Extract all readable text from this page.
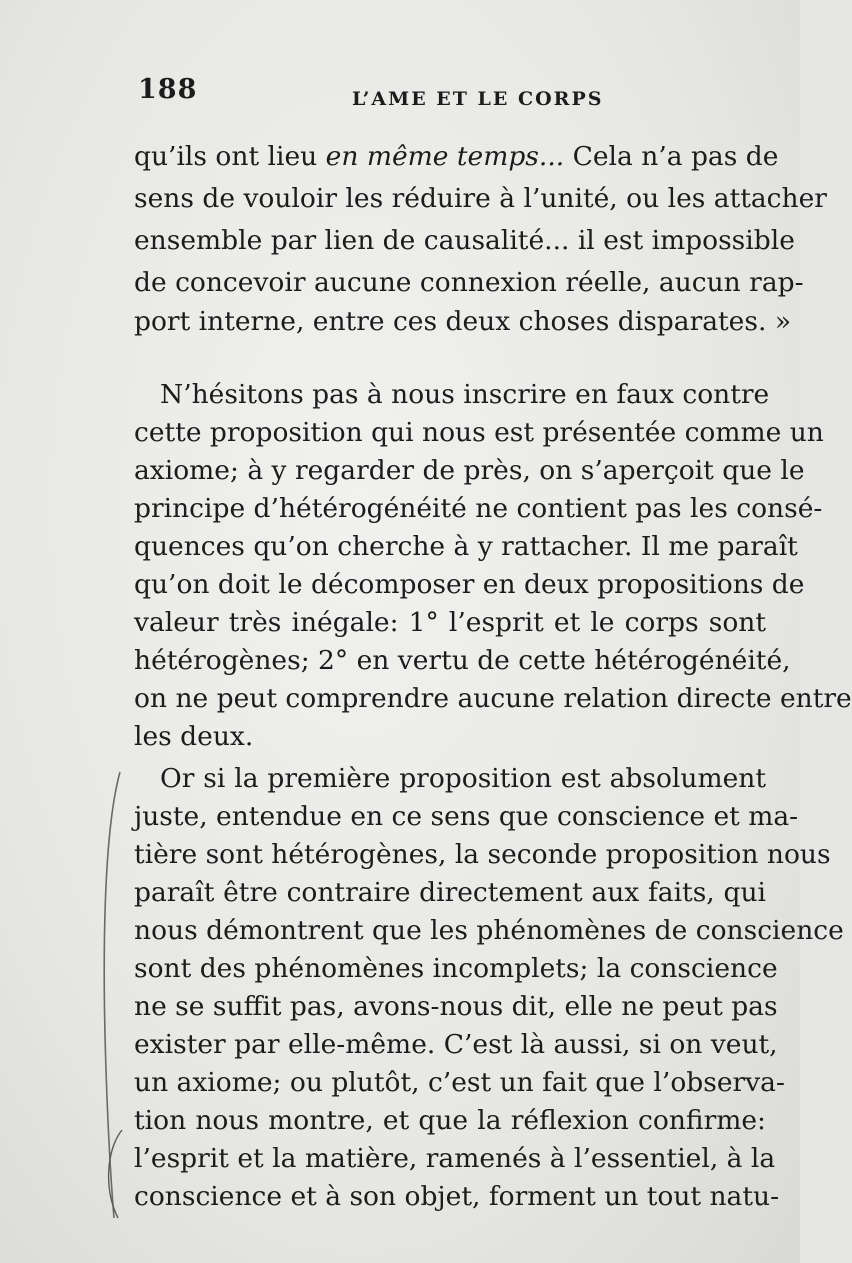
188	L’AME ET LE CORPS
qu’ils ont lieu en même temps... Cela n’a pas de
sens de vouloir les réduire à l’unité, ou les attacher
ensemble par lien de causalité... il est impossible
de concevoir aucune connexion réelle, aucun rap-
port interne, entre ces deux choses disparates. »
N’hésitons pas à nous inscrire en faux contre
cette proposition qui nous est présentée comme un
axiome; à y regarder de près, on s’aperçoit que le
principe d’hétérogénéité ne contient pas les consé-
quences qu’on cherche à y rattacher. Il me paraît
qu’on doit le décomposer en deux propositions de
valeur très inégale: 1° l’esprit et le corps sont
hétérogènes; 2° en vertu de cette hétérogénéité,
on ne peut comprendre aucune relation directe entre
les deux.
Or si la première proposition est absolument
juste, entendue en ce sens que conscience et ma-
tière sont hétérogènes, la seconde proposition nous
paraît être contraire directement aux faits, qui
nous démontrent que les phénomènes de conscience
sont des phénomènes incomplets; la conscience
ne se suffit pas, avons-nous dit, elle ne peut pas
exister par elle-même. C’est là aussi, si on veut,
un axiome; ou plutôt, c’est un fait que l’observa-
tion nous montre, et que la réflexion confirme:
l’esprit et la matière, ramenés à l’essentiel, à la
conscience et à son objet, forment un tout natu-
